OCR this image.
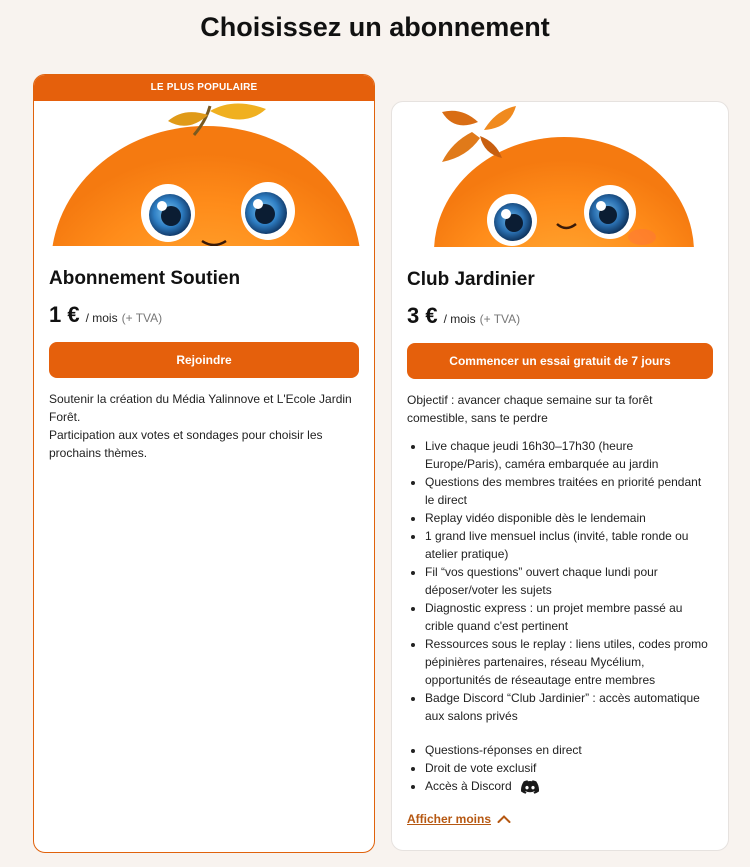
Choisissez un abonnement
LE PLUS POPULAIRE
Abonnement Soutien
1 € / mois (+ TVA)
Rejoindre

Soutenir la création du Média Yalinnove et L'Ecole Jardin Forêt.

Participation aux votes et sondages pour choisir les prochains thèmes.

Club Jardinier
3 € / mois (+ TVA)
Commencer un essai gratuit de 7 jours
Objectif : avancer chaque semaine sur ta forêt comestible, sans te perdre
• Live chaque jeudi 16h30–17h30 (heure Europe/Paris), caméra embarquée au jardin
• Questions des membres traitées en priorité pendant le direct
• Replay vidéo disponible dès le lendemain
• 1 grand live mensuel inclus (invité, table ronde ou atelier pratique)
• Fil “vos questions” ouvert chaque lundi pour déposer/voter les sujets
• Diagnostic express : un projet membre passé au crible quand c'est pertinent
• Ressources sous le replay : liens utiles, codes promo pépinières partenaires, réseau Mycélium, opportunités de réseautage entre membres
• Badge Discord “Club Jardinier” : accès automatique aux salons privés
• Questions-réponses en direct
• Droit de vote exclusif
• Accès à Discord
Afficher moins
